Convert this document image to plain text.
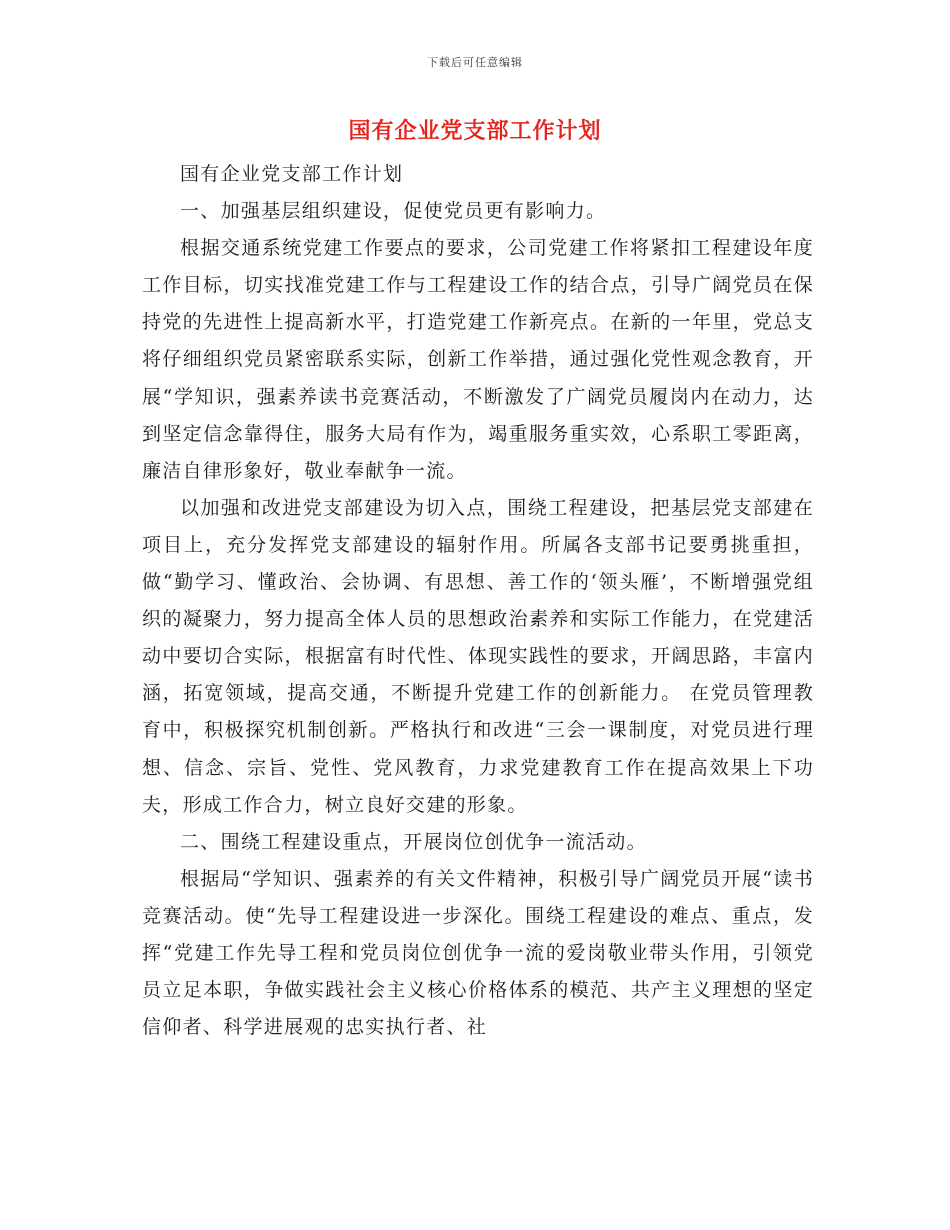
下载后可任意编辑
国有企业党支部工作计划

国有企业党支部工作计划

一、加强基层组织建设，促使党员更有影响力。

根据交通系统党建工作要点的要求，公司党建工作将紧扣工程建设年度工作目标，切实找准党建工作与工程建设工作的结合点，引导广阔党员在保持党的先进性上提高新水平，打造党建工作新亮点。在新的一年里，党总支将仔细组织党员紧密联系实际，创新工作举措，通过强化党性观念教育，开展“学知识，强素养读书竞赛活动，不断激发了广阔党员履岗内在动力，达到坚定信念靠得住，服务大局有作为，竭重服务重实效，心系职工零距离，廉洁自律形象好，敬业奉献争一流。

以加强和改进党支部建设为切入点，围绕工程建设，把基层党支部建在项目上，充分发挥党支部建设的辐射作用。所属各支部书记要勇挑重担，做“勤学习、懂政治、会协调、有思想、善工作的‘领头雁’，不断增强党组织的凝聚力，努力提高全体人员的思想政治素养和实际工作能力，在党建活动中要切合实际，根据富有时代性、体现实践性的要求，开阔思路，丰富内涵，拓宽领域，提高交通，不断提升党建工作的创新能力。 在党员管理教育中，积极探究机制创新。严格执行和改进“三会一课制度，对党员进行理想、信念、宗旨、党性、党风教育，力求党建教育工作在提高效果上下功夫，形成工作合力，树立良好交建的形象。

二、围绕工程建设重点，开展岗位创优争一流活动。

根据局“学知识、强素养的有关文件精神，积极引导广阔党员开展“读书竞赛活动。使“先导工程建设进一步深化。围绕工程建设的难点、重点，发挥“党建工作先导工程和党员岗位创优争一流的爱岗敬业带头作用，引领党员立足本职，争做实践社会主义核心价格体系的模范、共产主义理想的坚定信仰者、科学进展观的忠实执行者、社
